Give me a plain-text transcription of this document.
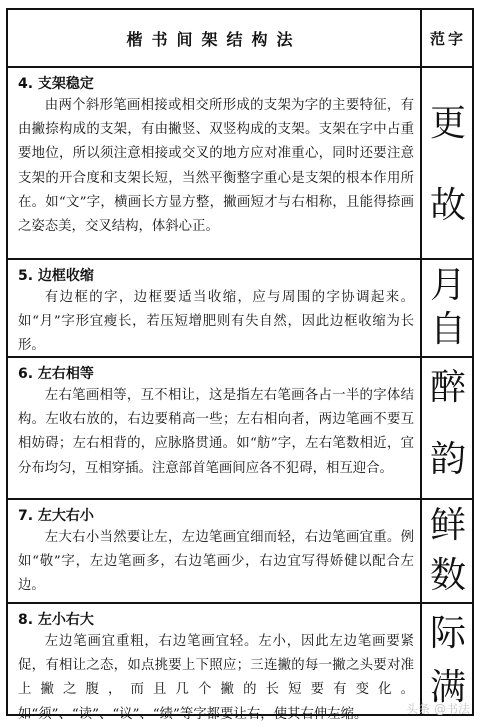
楷书间架结构法	范字
4. 支架稳定
由两个斜形笔画相接或相交所形成的支架为字的主要特征，有由撇捺构成的支架，有由撇竖、双竖构成的支架。支架在字中占重要地位，所以须注意相接或交叉的地方应对准重心，同时还要注意支架的开合度和支架长短，当然平衡整字重心是支架的根本作用所在。如“文”字，横画长方显方整，撇画短才与右相称，且能得捺画之姿态美，交叉结构，体斜心正。
更
故
5. 边框收缩
有边框的字，边框要适当收缩，应与周围的字协调起来。如“月”字形宜瘦长，若压短增肥则有失自然，因此边框收缩为长形。
月
自
6. 左右相等
左右笔画相等，互不相让，这是指左右笔画各占一半的字体结构。左收右放的，右边要稍高一些；左右相向者，两边笔画不要互相妨碍；左右相背的，应脉胳贯通。如“舫”字，左右笔数相近，宜分布均匀，互相穿插。注意部首笔画间应各不犯碍，相互迎合。
醉
韵
7. 左大右小
左大右小当然要让左，左边笔画宜细而轻，右边笔画宜重。例如“敬”字，左边笔画多，右边笔画少，右边宜写得娇健以配合左边。
鲜
数
8. 左小右大
左边笔画宜重粗，右边笔画宜轻。左小，因此左边笔画要紧促，有相让之态，如点挑要上下照应；三连撇的每一撇之头要对准上撇之腹，而且几个撇的长短要有变化。如“须”、“读”、“议”、“绩”等字都要让右，使其右伸左缩。
际
满
头条 @书法
